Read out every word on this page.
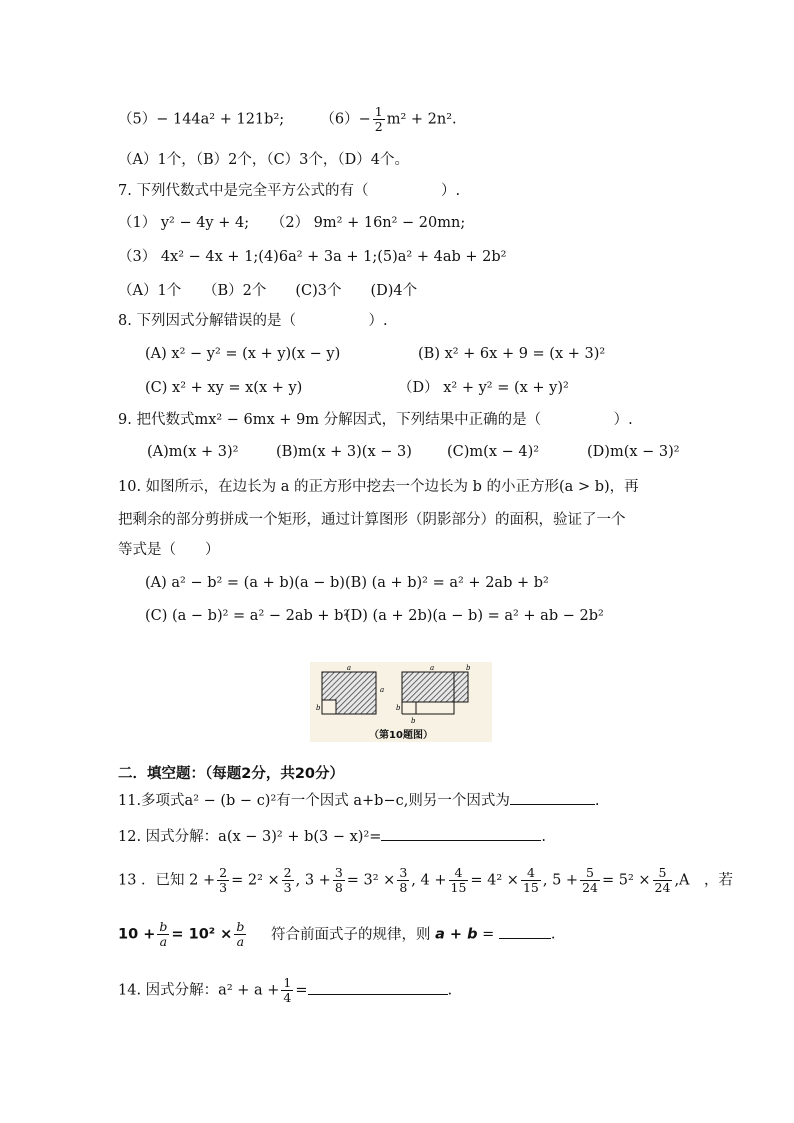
（5）− 144a² + 121b²;　　　$(6)- \frac{1}{2} m^2 + 2n^2$.
（A）1个，（B）2个，（C）3个，（D）4个。
7. 下列代数式中是完全平方公式的有（　　　　　）.
（1） y² − 4y + 4;　　（2） 9m² + 16n² − 20mn;
（3） 4x² − 4x + 1;(4)6a² + 3a + 1;(5)a² + 4ab + 2b²
（A）1个　　（B）2个　　(C)3个　　(D)4个
8. 下列因式分解错误的是（　　　　　）.
(A) x² − y² = (x + y)(x − y)	(B) x² + 6x + 9 = (x + 3)²
(C) x² + xy = x(x + y)	（D） x² + y² = (x + y)²
9. 把代数式mx² − 6mx + 9m 分解因式，下列结果中正确的是（　　　　　）.
(A)m(x + 3)²	(B)m(x + 3)(x − 3) (C)m(x − 4)²	(D)m(x − 3)²
10. 如图所示，在边长为 a 的正方形中挖去一个边长为 b 的小正方形(a > b)，再
把剩余的部分剪拼成一个矩形，通过计算图形（阴影部分）的面积，验证了一个
等式是（　　）
(A) a² − b² = (a + b)(a − b) (B) (a + b)² = a² + 2ab + b²
(C) (a − b)² = a² − 2ab + b²
(D) (a + 2b)(a − b) = a² + ab − 2b²
a
a
b
a	b
b
b
（第10题图）
二．填空题：（每题2分，共20分）
11.多项式a² − (b − c)²有一个因式 a+b−c,则另一个因式为	.
12. 因式分解：a(x − 3)² + b(3 − x)²=	.
13 ．已知 $2 + \frac{2}{3} = 2^2 \times \frac{2}{3}$ , $3 + \frac{3}{8} = 3^2 \times \frac{3}{8}$ , $4 + \frac{4}{15} = 4^2 \times \frac{4}{15}$ , $5 + \frac{5}{24} = 5^2 \times \frac{5}{24} ,A$　，若
$10 + \frac{b}{a} = 10^2 \times \frac{b}{a}$ 符合前面式子的规律，则 a + b =	.
14. 因式分解：$a^2 + a + \frac{1}{4}$ =	.
